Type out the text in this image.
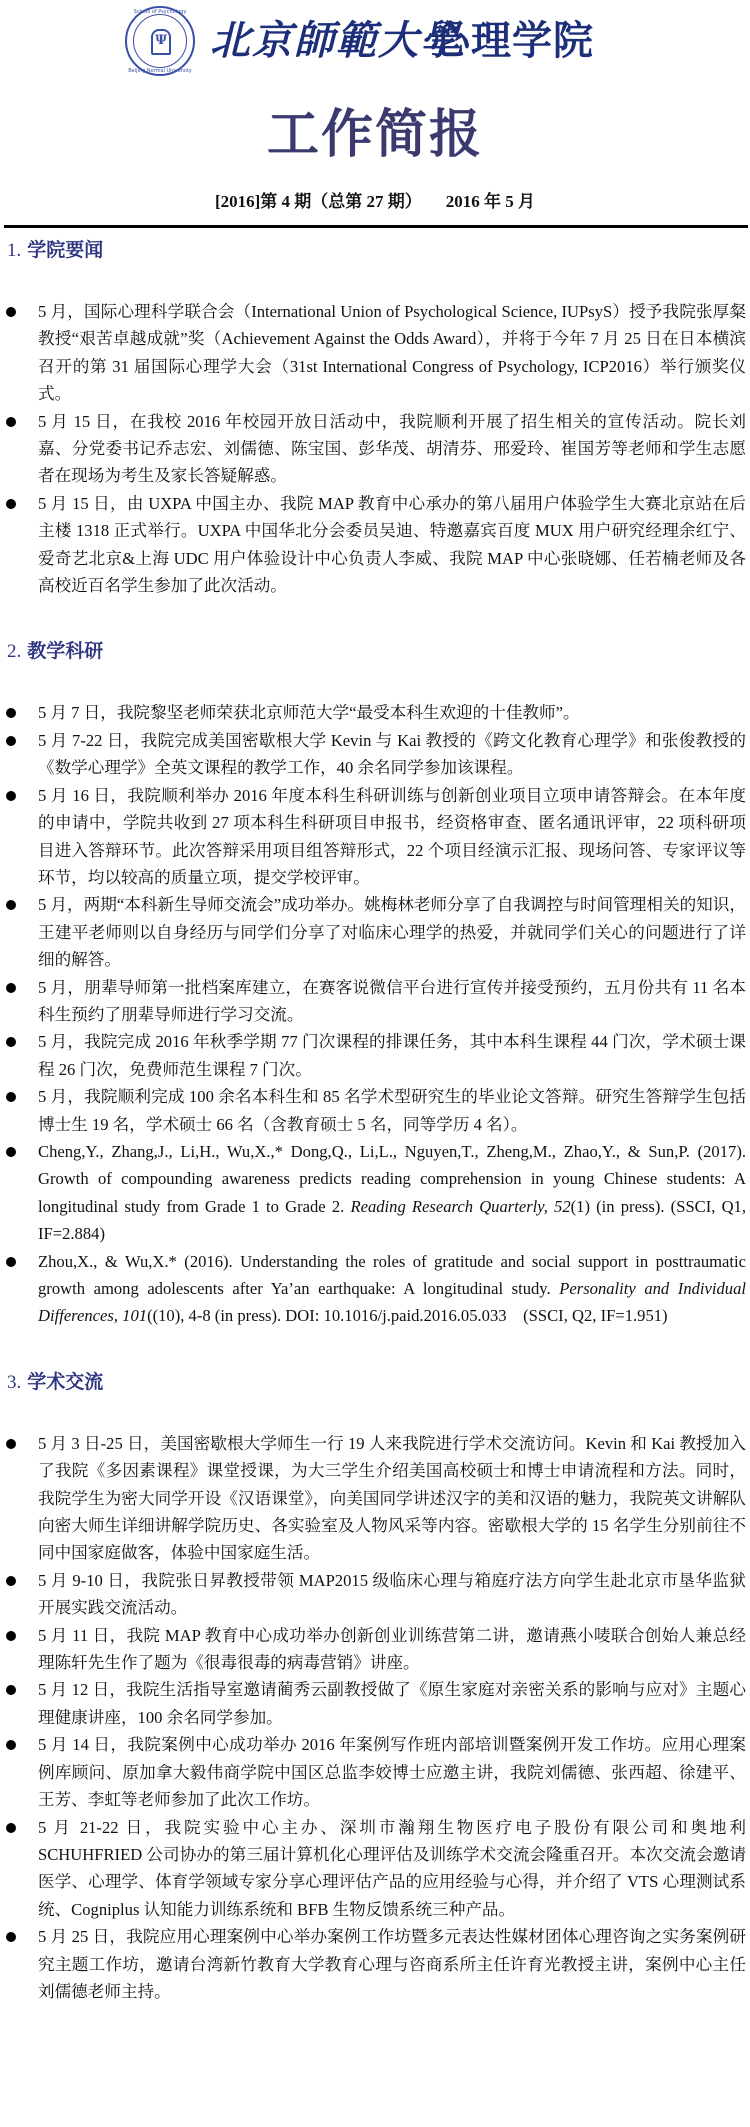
School of Psychology
Ψ
Beijing Normal University
北京師範大學
心理学院
工作简报
[2016]第 4 期（总第 27 期） 2016 年 5 月
1. 学院要闻
5 月，国际心理科学联合会（International Union of Psychological Science, IUPsyS）授予我院张厚粲教授“艰苦卓越成就”奖（Achievement Against the Odds Award），并将于今年 7 月 25 日在日本横滨召开的第 31 届国际心理学大会（31st International Congress of Psychology, ICP2016）举行颁奖仪式。
5 月 15 日，在我校 2016 年校园开放日活动中，我院顺利开展了招生相关的宣传活动。院长刘嘉、分党委书记乔志宏、刘儒德、陈宝国、彭华茂、胡清芬、邢爱玲、崔国芳等老师和学生志愿者在现场为考生及家长答疑解惑。
5 月 15 日，由 UXPA 中国主办、我院 MAP 教育中心承办的第八届用户体验学生大赛北京站在后主楼 1318 正式举行。UXPA 中国华北分会委员吴迪、特邀嘉宾百度 MUX 用户研究经理余红宁、爱奇艺北京&上海 UDC 用户体验设计中心负责人李威、我院 MAP 中心张晓娜、任若楠老师及各高校近百名学生参加了此次活动。
2. 教学科研
5 月 7 日，我院黎坚老师荣获北京师范大学“最受本科生欢迎的十佳教师”。
5 月 7-22 日，我院完成美国密歇根大学 Kevin 与 Kai 教授的《跨文化教育心理学》和张俊教授的《数学心理学》全英文课程的教学工作，40 余名同学参加该课程。
5 月 16 日，我院顺利举办 2016 年度本科生科研训练与创新创业项目立项申请答辩会。在本年度的申请中，学院共收到 27 项本科生科研项目申报书，经资格审查、匿名通讯评审，22 项科研项目进入答辩环节。此次答辩采用项目组答辩形式，22 个项目经演示汇报、现场问答、专家评议等环节，均以较高的质量立项，提交学校评审。
5 月，两期“本科新生导师交流会”成功举办。姚梅林老师分享了自我调控与时间管理相关的知识，王建平老师则以自身经历与同学们分享了对临床心理学的热爱，并就同学们关心的问题进行了详细的解答。
5 月，朋辈导师第一批档案库建立，在赛客说微信平台进行宣传并接受预约，五月份共有 11 名本科生预约了朋辈导师进行学习交流。
5 月，我院完成 2016 年秋季学期 77 门次课程的排课任务，其中本科生课程 44 门次，学术硕士课程 26 门次，免费师范生课程 7 门次。
5 月，我院顺利完成 100 余名本科生和 85 名学术型研究生的毕业论文答辩。研究生答辩学生包括博士生 19 名，学术硕士 66 名（含教育硕士 5 名，同等学历 4 名）。
Cheng,Y., Zhang,J., Li,H., Wu,X.,* Dong,Q., Li,L., Nguyen,T., Zheng,M., Zhao,Y., & Sun,P. (2017). Growth of compounding awareness predicts reading comprehension in young Chinese students: A longitudinal study from Grade 1 to Grade 2. Reading Research Quarterly, 52(1) (in press). (SSCI, Q1, IF=2.884)
Zhou,X., & Wu,X.* (2016). Understanding the roles of gratitude and social support in posttraumatic growth among adolescents after Ya’an earthquake: A longitudinal study. Personality and Individual Differences, 101((10), 4-8 (in press). DOI: 10.1016/j.paid.2016.05.033    (SSCI, Q2, IF=1.951)
3. 学术交流
5 月 3 日-25 日，美国密歇根大学师生一行 19 人来我院进行学术交流访问。Kevin 和 Kai 教授加入了我院《多因素课程》课堂授课，为大三学生介绍美国高校硕士和博士申请流程和方法。同时，我院学生为密大同学开设《汉语课堂》，向美国同学讲述汉字的美和汉语的魅力，我院英文讲解队向密大师生详细讲解学院历史、各实验室及人物风采等内容。密歇根大学的 15 名学生分别前往不同中国家庭做客，体验中国家庭生活。
5 月 9-10 日，我院张日昇教授带领 MAP2015 级临床心理与箱庭疗法方向学生赴北京市垦华监狱开展实践交流活动。
5 月 11 日，我院 MAP 教育中心成功举办创新创业训练营第二讲，邀请燕小唛联合创始人兼总经理陈轩先生作了题为《很毒很毒的病毒营销》讲座。
5 月 12 日，我院生活指导室邀请蔺秀云副教授做了《原生家庭对亲密关系的影响与应对》主题心理健康讲座，100 余名同学参加。
5 月 14 日，我院案例中心成功举办 2016 年案例写作班内部培训暨案例开发工作坊。应用心理案例库顾问、原加拿大毅伟商学院中国区总监李姣博士应邀主讲，我院刘儒德、张西超、徐建平、王芳、李虹等老师参加了此次工作坊。
5 月 21-22 日，我院实验中心主办、深圳市瀚翔生物医疗电子股份有限公司和奥地利 SCHUHFRIED 公司协办的第三届计算机化心理评估及训练学术交流会隆重召开。本次交流会邀请医学、心理学、体育学领域专家分享心理评估产品的应用经验与心得，并介绍了 VTS 心理测试系统、Cogniplus 认知能力训练系统和 BFB 生物反馈系统三种产品。
5 月 25 日，我院应用心理案例中心举办案例工作坊暨多元表达性媒材团体心理咨询之实务案例研究主题工作坊，邀请台湾新竹教育大学教育心理与咨商系所主任许育光教授主讲，案例中心主任刘儒德老师主持。
